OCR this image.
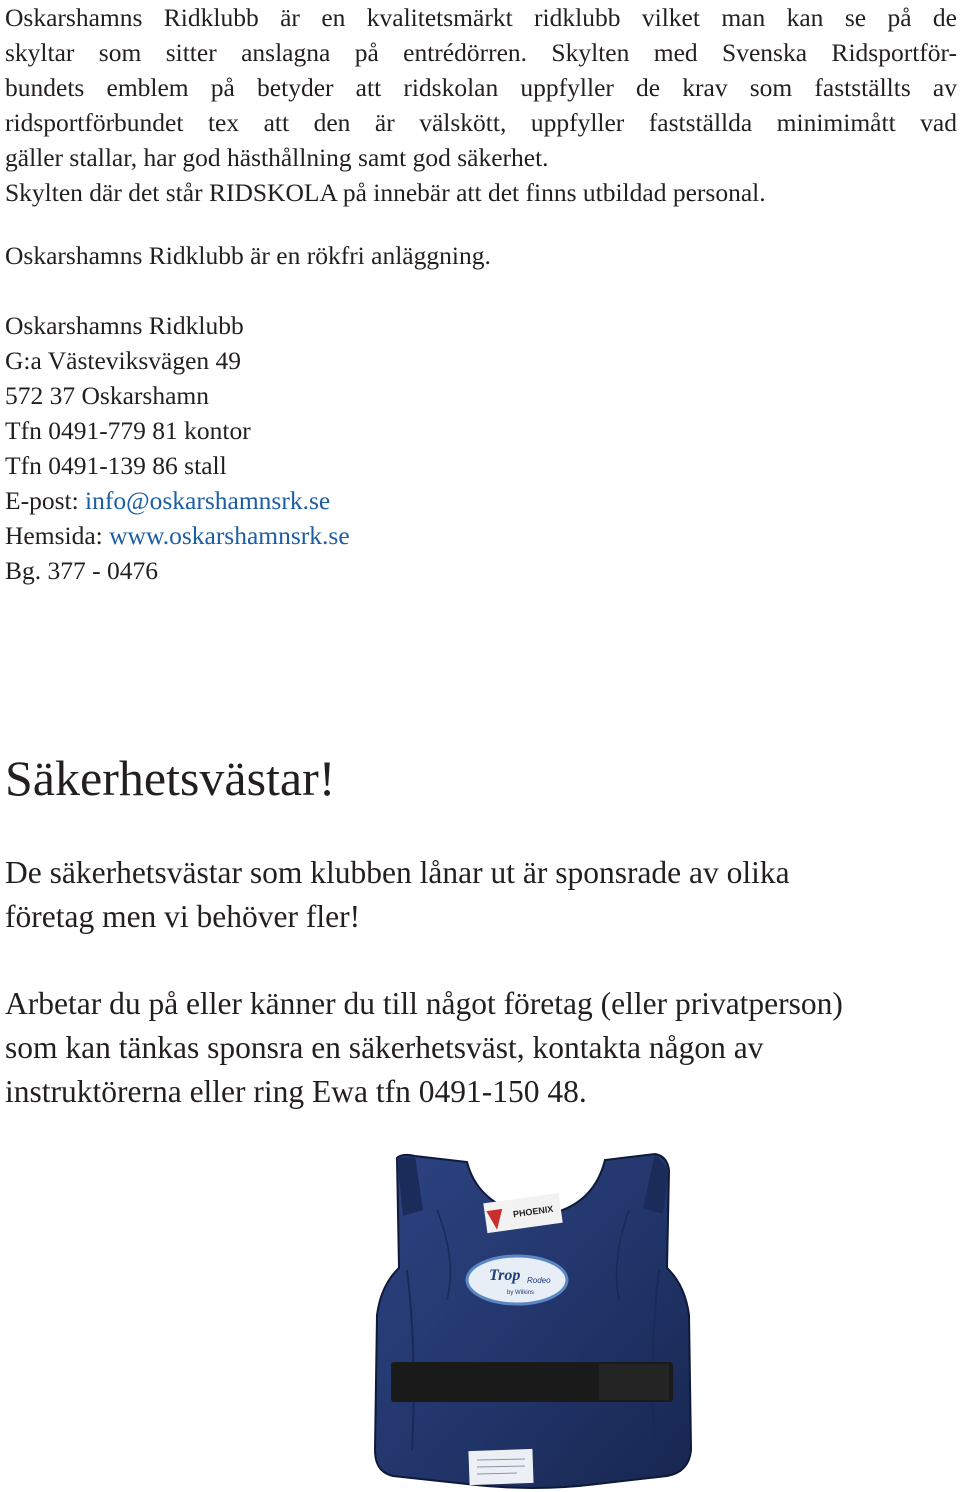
Oskarshamns Ridklubb är en kvalitetsmärkt ridklubb vilket man kan se på de
skyltar som sitter anslagna på entrédörren. Skylten med Svenska Ridsportför-
bundets emblem på betyder att ridskolan uppfyller de krav som fastställts av
ridsportförbundet tex att den är välskött, uppfyller fastställda minimimått vad
gäller stallar, har god hästhållning samt god säkerhet.
Skylten där det står RIDSKOLA på innebär att det finns utbildad personal.

Oskarshamns Ridklubb är en rökfri anläggning.

Oskarshamns Ridklubb
G:a Västeviksvägen 49
572 37 Oskarshamn
Tfn 0491-779 81 kontor
Tfn 0491-139 86 stall
E-post: info@oskarshamnsrk.se
Hemsida: www.oskarshamnsrk.se
Bg. 377 - 0476
Säkerhetsvästar!

De säkerhetsvästar som klubben lånar ut är sponsrade av olika
företag men vi behöver fler!

Arbetar du på eller känner du till något företag (eller privatperson)
som kan tänkas sponsra en säkerhetsväst, kontakta någon av
instruktörerna eller ring Ewa tfn 0491-150 48.

PHOENIX
Trop Rodeo
by Wilkins
